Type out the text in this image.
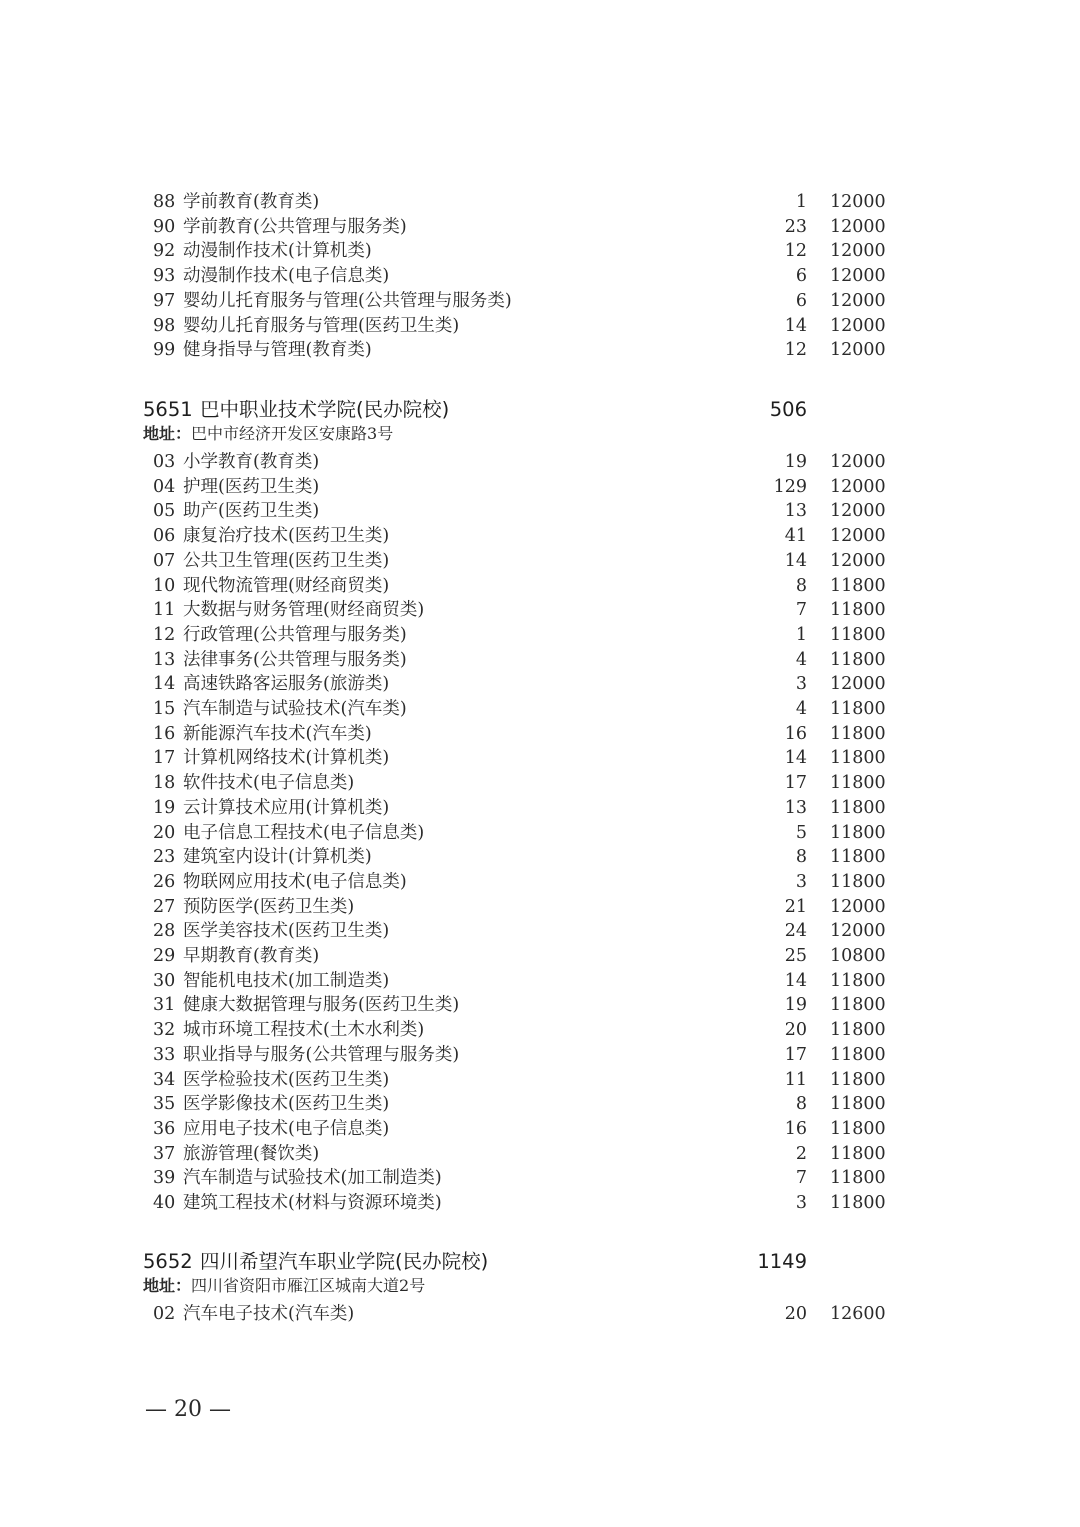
88 学前教育(教育类)	1 12000
90 学前教育(公共管理与服务类)	23 12000
92 动漫制作技术(计算机类)	12 12000
93 动漫制作技术(电子信息类)	6 12000
97 婴幼儿托育服务与管理(公共管理与服务类)	6 12000
98 婴幼儿托育服务与管理(医药卫生类)	14 12000
99 健身指导与管理(教育类)	12 12000
5651 巴中职业技术学院(民办院校)	506
地址：巴中市经济开发区安康路3号
03 小学教育(教育类)	19 12000
04 护理(医药卫生类)	129 12000
05 助产(医药卫生类)	13 12000
06 康复治疗技术(医药卫生类)	41 12000
07 公共卫生管理(医药卫生类)	14 12000
10 现代物流管理(财经商贸类)	8 11800
11 大数据与财务管理(财经商贸类)	7 11800
12 行政管理(公共管理与服务类)	1 11800
13 法律事务(公共管理与服务类)	4 11800
14 高速铁路客运服务(旅游类)	3 12000
15 汽车制造与试验技术(汽车类)	4 11800
16 新能源汽车技术(汽车类)	16 11800
17 计算机网络技术(计算机类)	14 11800
18 软件技术(电子信息类)	17 11800
19 云计算技术应用(计算机类)	13 11800
20 电子信息工程技术(电子信息类)	5 11800
23 建筑室内设计(计算机类)	8 11800
26 物联网应用技术(电子信息类)	3 11800
27 预防医学(医药卫生类)	21 12000
28 医学美容技术(医药卫生类)	24 12000
29 早期教育(教育类)	25 10800
30 智能机电技术(加工制造类)	14 11800
31 健康大数据管理与服务(医药卫生类)	19 11800
32 城市环境工程技术(土木水利类)	20 11800
33 职业指导与服务(公共管理与服务类)	17 11800
34 医学检验技术(医药卫生类)	11 11800
35 医学影像技术(医药卫生类)	8 11800
36 应用电子技术(电子信息类)	16 11800
37 旅游管理(餐饮类)	2 11800
39 汽车制造与试验技术(加工制造类)	7 11800
40 建筑工程技术(材料与资源环境类)	3 11800
5652 四川希望汽车职业学院(民办院校)	1149
地址：四川省资阳市雁江区城南大道2号
02 汽车电子技术(汽车类)	20 12600
— 20 —
